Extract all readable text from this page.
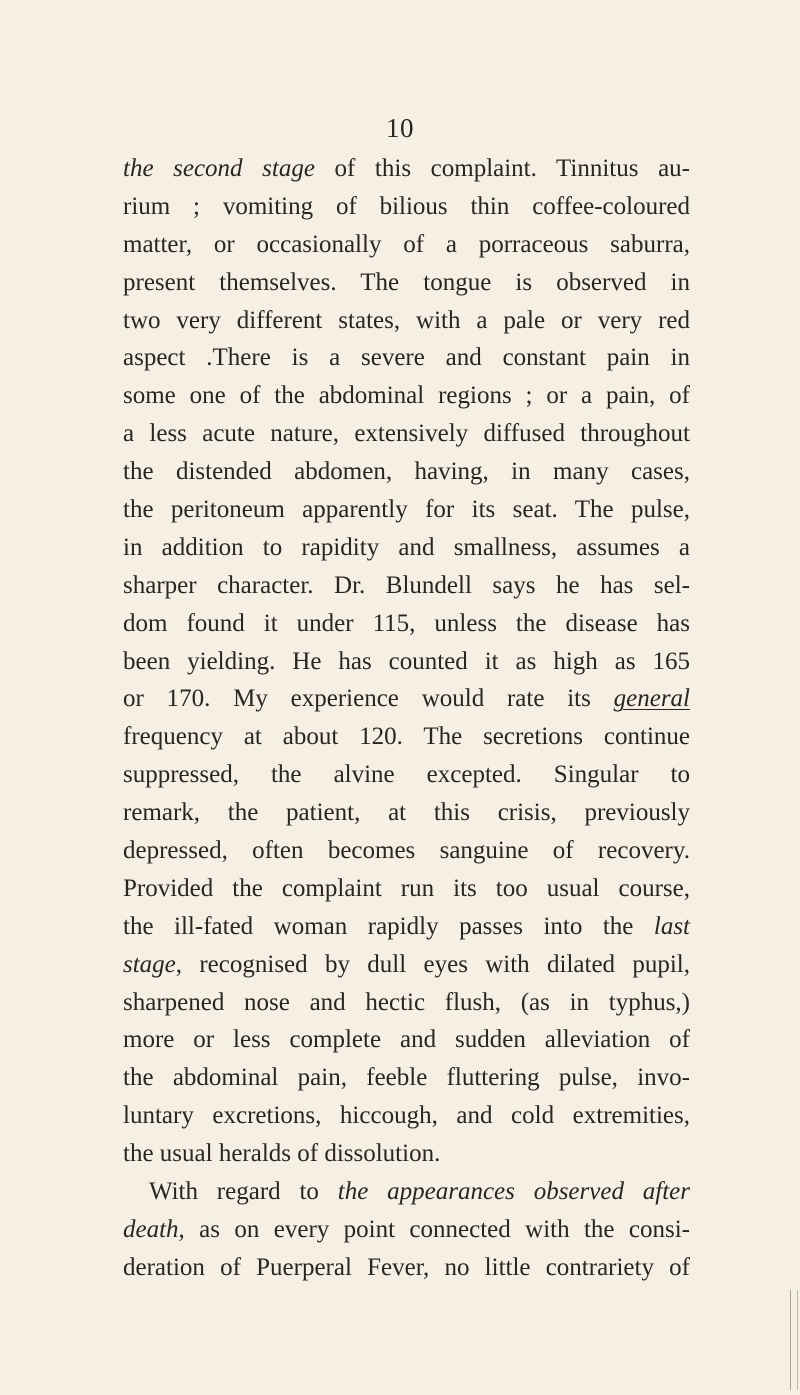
10
the second stage of this complaint. Tinnitus au-
rium ; vomiting of bilious thin coffee-coloured
matter, or occasionally of a porraceous saburra,
present themselves. The tongue is observed in
two very different states, with a pale or very red
aspect .There is a severe and constant pain in
some one of the abdominal regions ; or a pain, of
a less acute nature, extensively diffused throughout
the distended abdomen, having, in many cases,
the peritoneum apparently for its seat. The pulse,
in addition to rapidity and smallness, assumes a
sharper character. Dr. Blundell says he has sel-
dom found it under 115, unless the disease has
been yielding. He has counted it as high as 165
or 170. My experience would rate its general
frequency at about 120. The secretions continue
suppressed, the alvine excepted. Singular to
remark, the patient, at this crisis, previously
depressed, often becomes sanguine of recovery.
Provided the complaint run its too usual course,
the ill-fated woman rapidly passes into the last
stage, recognised by dull eyes with dilated pupil,
sharpened nose and hectic flush, (as in typhus,)
more or less complete and sudden alleviation of
the abdominal pain, feeble fluttering pulse, invo-
luntary excretions, hiccough, and cold extremities,
the usual heralds of dissolution.
With regard to the appearances observed after
death, as on every point connected with the consi-
deration of Puerperal Fever, no little contrariety of
